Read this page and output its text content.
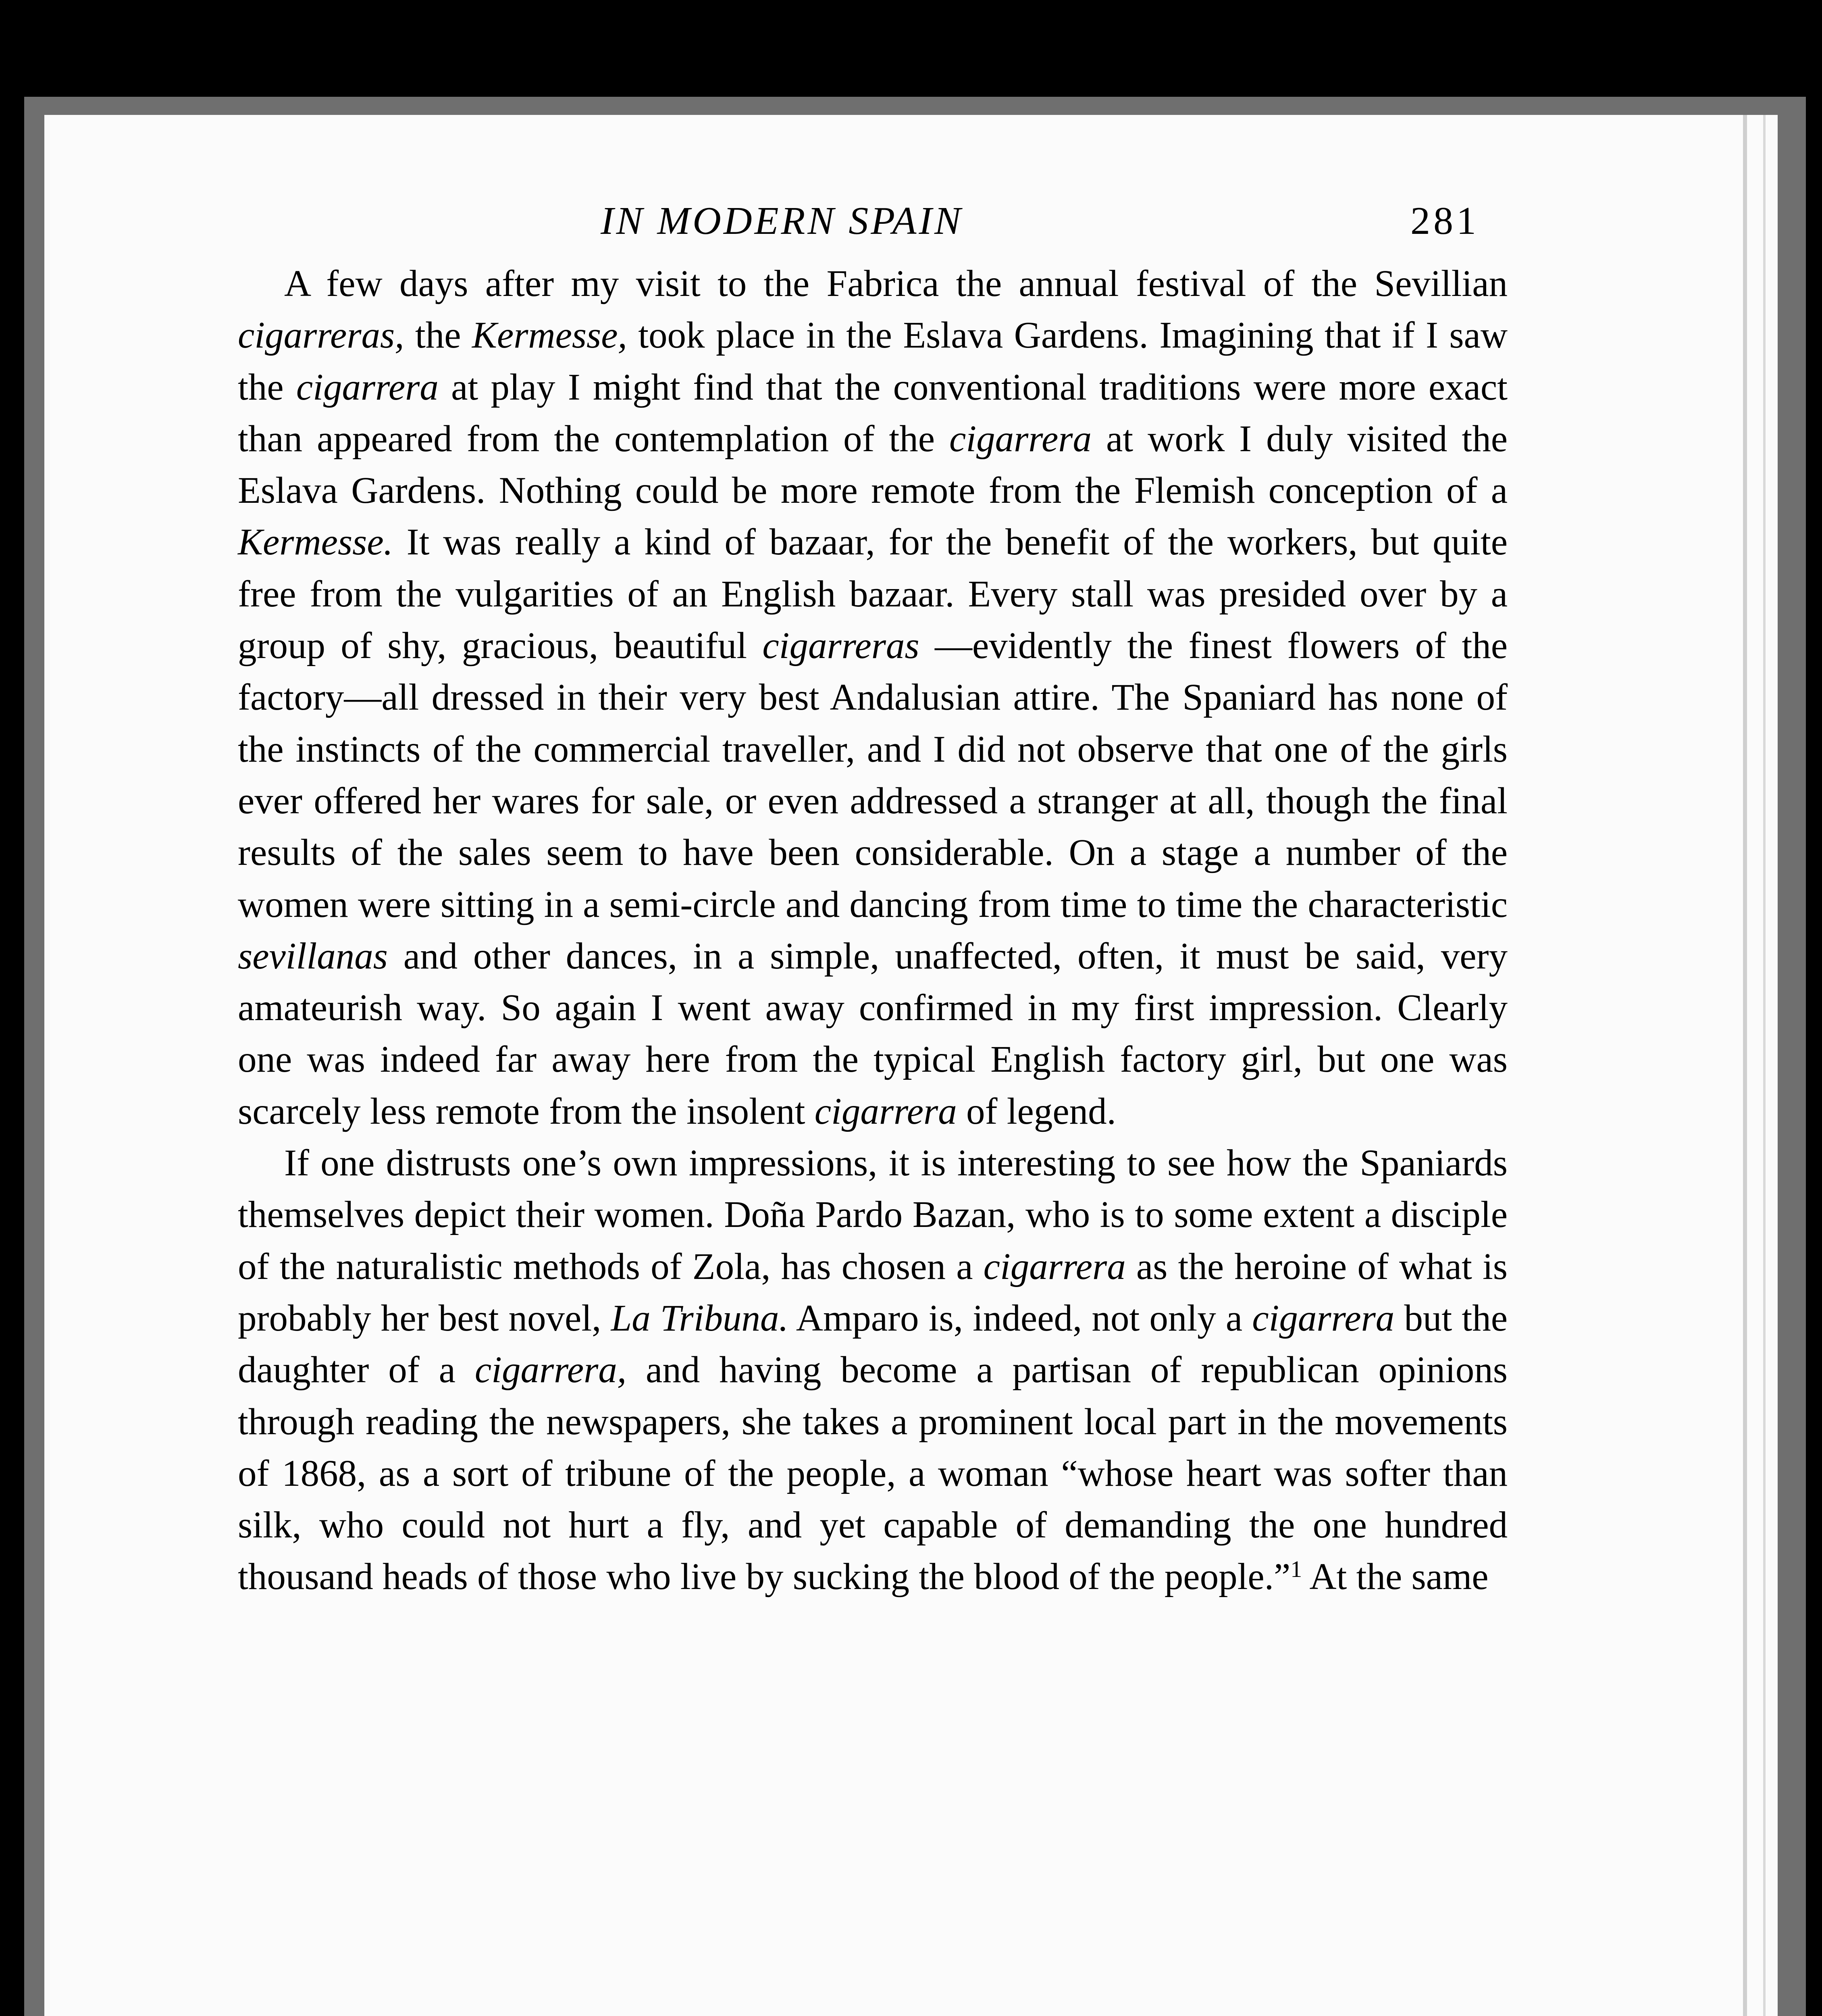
IN MODERN SPAIN	281

A few days after my visit to the Fabrica the annual festival of the Sevillian cigarreras, the Kermesse, took place in the Eslava Gardens. Imagining that if I saw the cigarrera at play I might find that the conventional traditions were more exact than appeared from the contemplation of the cigarrera at work I duly visited the Eslava Gardens. Nothing could be more remote from the Flemish conception of a Kermesse. It was really a kind of bazaar, for the benefit of the workers, but quite free from the vulgarities of an English bazaar. Every stall was presided over by a group of shy, gracious, beautiful cigarreras —evidently the finest flowers of the factory—all dressed in their very best Andalusian attire. The Spaniard has none of the instincts of the commercial traveller, and I did not observe that one of the girls ever offered her wares for sale, or even addressed a stranger at all, though the final results of the sales seem to have been considerable. On a stage a number of the women were sitting in a semi-circle and dancing from time to time the characteristic sevillanas and other dances, in a simple, unaffected, often, it must be said, very amateurish way. So again I went away confirmed in my first impression. Clearly one was indeed far away here from the typical English factory girl, but one was scarcely less remote from the insolent cigarrera of legend.

If one distrusts one’s own impressions, it is interesting to see how the Spaniards themselves depict their women. Doña Pardo Bazan, who is to some extent a disciple of the naturalistic methods of Zola, has chosen a cigarrera as the heroine of what is probably her best novel, La Tribuna. Amparo is, indeed, not only a cigarrera but the daughter of a cigarrera, and having become a partisan of republican opinions through reading the newspapers, she takes a prominent local part in the movements of 1868, as a sort of tribune of the people, a woman “whose heart was softer than silk, who could not hurt a fly, and yet capable of demanding the one hundred thousand heads of those who live by sucking the blood of the people.”$^1$ At the same
